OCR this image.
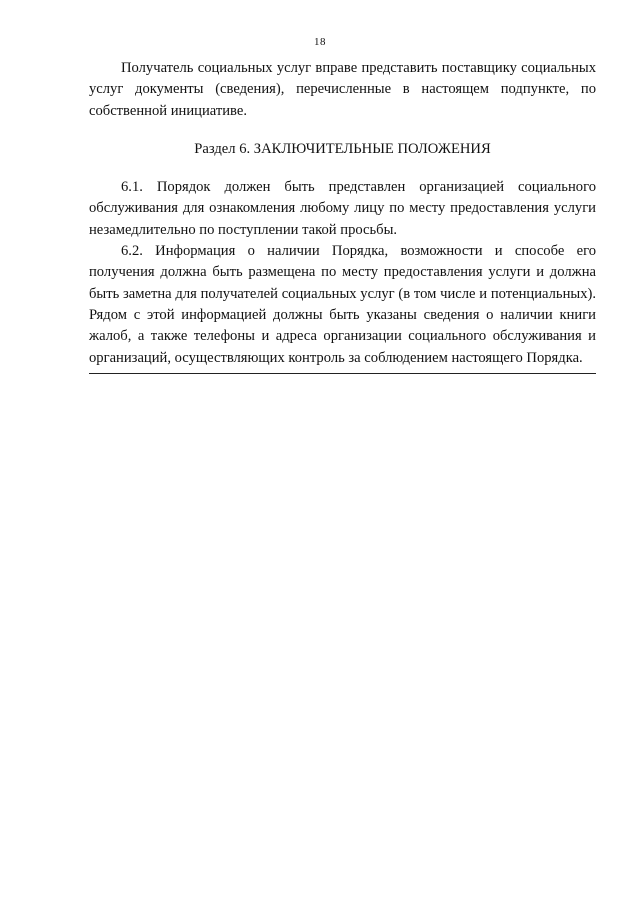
18

Получатель социальных услуг вправе представить поставщику социальных услуг документы (сведения), перечисленные в настоящем подпункте, по собственной инициативе.

Раздел 6. ЗАКЛЮЧИТЕЛЬНЫЕ ПОЛОЖЕНИЯ

6.1. Порядок должен быть представлен организацией социального обслуживания для ознакомления любому лицу по месту предоставления услуги незамедлительно по поступлении такой просьбы.

6.2. Информация о наличии Порядка, возможности и способе его получения должна быть размещена по месту предоставления услуги и должна быть заметна для получателей социальных услуг (в том числе и потенциальных). Рядом с этой информацией должны быть указаны сведения о наличии книги жалоб, а также телефоны и адреса организации социального обслуживания и организаций, осуществляющих контроль за соблюдением настоящего Порядка.
